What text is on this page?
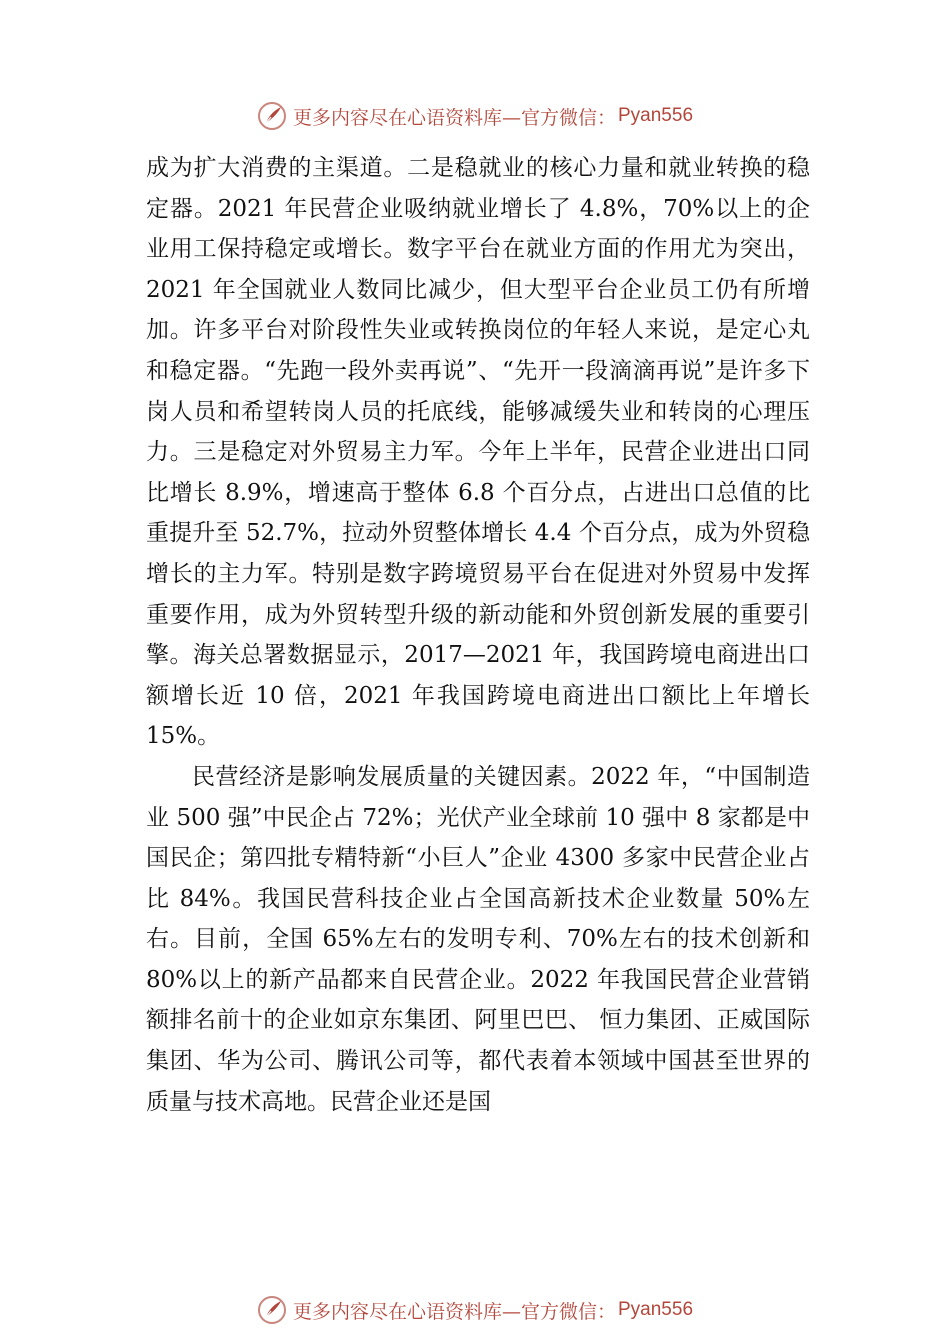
更多内容尽在心语资料库—官方微信： Pyan556

成为扩大消费的主渠道。二是稳就业的核心力量和就业转换的稳定器。2021 年民营企业吸纳就业增长了 4.8%，70%以上的企业用工保持稳定或增长。数字平台在就业方面的作用尤为突出，2021 年全国就业人数同比减少，但大型平台企业员工仍有所增加。许多平台对阶段性失业或转换岗位的年轻人来说，是定心丸和稳定器。“先跑一段外卖再说”、“先开一段滴滴再说”是许多下岗人员和希望转岗人员的托底线，能够减缓失业和转岗的心理压力。三是稳定对外贸易主力军。今年上半年，民营企业进出口同比增长 8.9%，增速高于整体 6.8 个百分点，占进出口总值的比重提升至 52.7%，拉动外贸整体增长 4.4 个百分点，成为外贸稳增长的主力军。特别是数字跨境贸易平台在促进对外贸易中发挥重要作用，成为外贸转型升级的新动能和外贸创新发展的重要引擎。海关总署数据显示，2017—2021 年，我国跨境电商进出口额增长近 10 倍，2021 年我国跨境电商进出口额比上年增长 15%。

民营经济是影响发展质量的关键因素。2022 年，“中国制造业 500 强”中民企占 72%；光伏产业全球前 10 强中 8 家都是中国民企；第四批专精特新“小巨人”企业 4300 多家中民营企业占比 84%。我国民营科技企业占全国高新技术企业数量 50%左右。目前，全国 65%左右的发明专利、70%左右的技术创新和 80%以上的新产品都来自民营企业。2022 年我国民营企业营销额排名前十的企业如京东集团、阿里巴巴、 恒力集团、正威国际集团、华为公司、腾讯公司等，都代表着本领域中国甚至世界的质量与技术高地。民营企业还是国

更多内容尽在心语资料库—官方微信： Pyan556
